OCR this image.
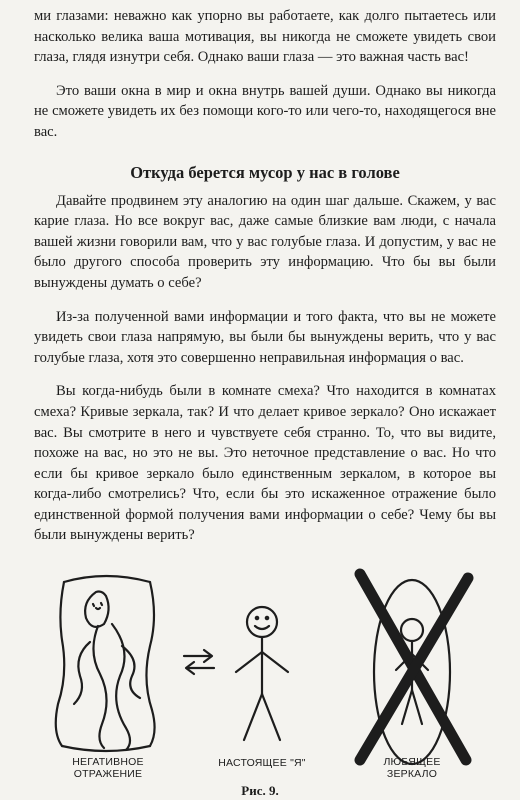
ми глазами: неважно как упорно вы работаете, как долго пытаетесь или насколько велика ваша мотивация, вы никогда не сможете увидеть свои глаза, глядя изнутри себя. Однако ваши глаза — это важная часть вас!

Это ваши окна в мир и окна внутрь вашей души. Однако вы никогда не сможете увидеть их без помощи кого-то или чего-то, находящегося вне вас.

Откуда берется мусор у нас в голове

Давайте продвинем эту аналогию на один шаг дальше. Скажем, у вас карие глаза. Но все вокруг вас, даже самые близкие вам люди, с начала вашей жизни говорили вам, что у вас голубые глаза. И допустим, у вас не было другого способа проверить эту информацию. Что бы вы были вынуждены думать о себе?

Из-за полученной вами информации и того факта, что вы не можете увидеть свои глаза напрямую, вы были бы вынуждены верить, что у вас голубые глаза, хотя это совершенно неправильная информация о вас.

Вы когда-нибудь были в комнате смеха? Что находится в комнатах смеха? Кривые зеркала, так? И что делает кривое зеркало? Оно искажает вас. Вы смотрите в него и чувствуете себя странно. То, что вы видите, похоже на вас, но это не вы. Это неточное представление о вас. Но что если бы кривое зеркало было единственным зеркалом, в которое вы когда-либо смотрелись? Что, если бы это искаженное отражение было единственной формой получения вами информации о себе? Чему бы вы были вынуждены верить?

НЕГАТИВНОЕ ОТРАЖЕНИЕ
НАСТОЯЩЕЕ "Я"	ЛЮБЯЩЕЕ ЗЕРКАЛО
Рис. 9.
